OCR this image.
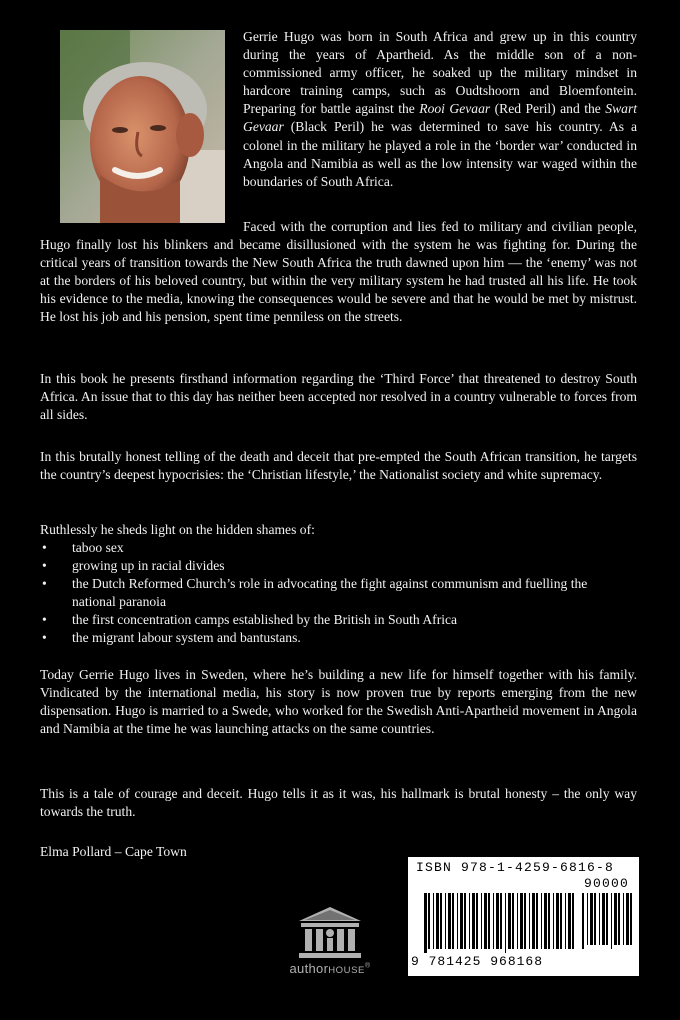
Gerrie Hugo was born in South Africa and grew up in this country during the years of Apartheid. As the middle son of a non-commissioned army officer, he soaked up the military mindset in hardcore training camps, such as Oudtshoorn and Bloemfontein. Preparing for battle against the Rooi Gevaar (Red Peril) and the Swart Gevaar (Black Peril) he was determined to save his country. As a colonel in the military he played a role in the ‘border war’ conducted in Angola and Namibia as well as the low intensity war waged within the boundaries of South Africa.

Faced with the corruption and lies fed to military and civilian people, Hugo finally lost his blinkers and became disillusioned with the system he was fighting for. During the critical years of transition towards the New South Africa the truth dawned upon him — the ‘enemy’ was not at the borders of his beloved country, but within the very military system he had trusted all his life. He took his evidence to the media, knowing the consequences would be severe and that he would be met by mistrust. He lost his job and his pension, spent time penniless on the streets.

In this book he presents firsthand information regarding the ‘Third Force’ that threatened to destroy South Africa. An issue that to this day has neither been accepted nor resolved in a country vulnerable to forces from all sides.

In this brutally honest telling of the death and deceit that pre-empted the South African transition, he targets the country’s deepest hypocrisies: the ‘Christian lifestyle,’ the Nationalist society and white supremacy.

Ruthlessly he sheds light on the hidden shames of:

• taboo sex
• growing up in racial divides
• the Dutch Reformed Church’s role in advocating the fight against communism and fuelling the national paranoia
• the first concentration camps established by the British in South Africa
• the migrant labour system and bantustans.

Today Gerrie Hugo lives in Sweden, where he’s building a new life for himself together with his family. Vindicated by the international media, his story is now proven true by reports emerging from the new dispensation. Hugo is married to a Swede, who worked for the Swedish Anti-Apartheid movement in Angola and Namibia at the time he was launching attacks on the same countries.

This is a tale of courage and deceit. Hugo tells it as it was, his hallmark is brutal honesty – the only way towards the truth.

Elma Pollard – Cape Town

authorHOUSE®
ISBN 978-1-4259-6816-8
90000
9 781425 968168
